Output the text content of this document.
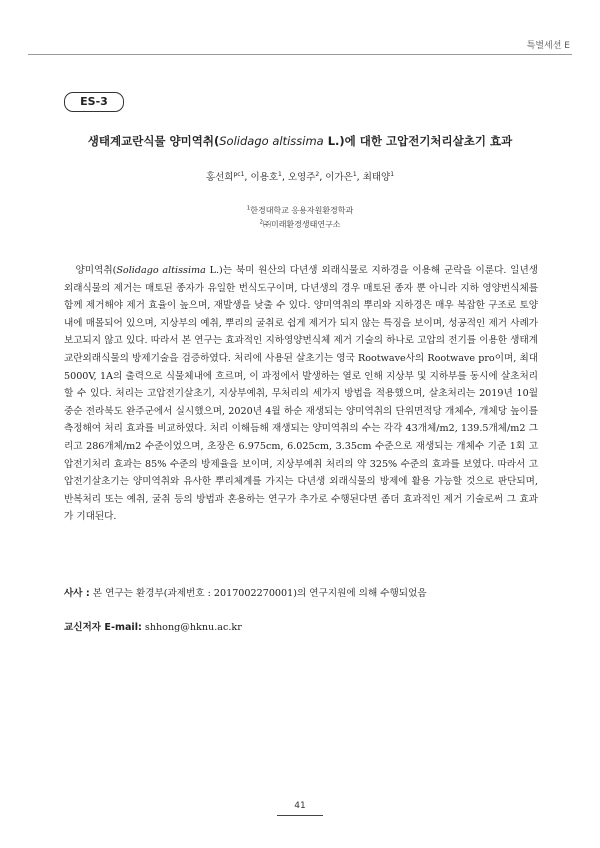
특별세션 E
ES-3
생태계교란식물 양미역취(Solidago altissima L.)에 대한 고압전기처리살초기 효과
홍선희$^{pc1}$, 이용호$^1$, 오영주$^2$, 이가은$^1$, 최태양$^1$
$^1$한경대학교 응용자원환경학과
$^2$㈜미래환경생태연구소

양미역취(Solidago altissima L.)는 북미 원산의 다년생 외래식물로 지하경을 이용해 군락을 이룬다. 일년생 외래식물의 제거는 매토된 종자가 유일한 번식도구이며, 다년생의 경우 매토된 종자 뿐 아니라 지하 영양번식체를 함께 제거해야 제거 효율이 높으며, 재발생을 낮출 수 있다. 양미역취의 뿌리와 지하경은 매우 복잡한 구조로 토양내에 매몰되어 있으며, 지상부의 예취, 뿌리의 굴취로 쉽게 제거가 되지 않는 특징을 보이며, 성공적인 제거 사례가 보고되지 않고 있다. 따라서 본 연구는 효과적인 지하영양번식체 제거 기술의 하나로 고압의 전기를 이용한 생태계교란외래식물의 방제기술을 검증하였다. 처리에 사용된 살초기는 영국 Rootwave사의 Rootwave pro이며, 최대 5000V, 1A의 출력으로 식물체내에 흐르며, 이 과정에서 발생하는 열로 인해 지상부 및 지하부를 동시에 살초처리 할 수 있다. 처리는 고압전기살초기, 지상부예취, 무처리의 세가지 방법을 적용했으며, 살초처리는 2019년 10월 중순 전라북도 완주군에서 실시했으며, 2020년 4월 하순 재생되는 양미역취의 단위면적당 개체수, 개체당 높이를 측정해여 처리 효과를 비교하였다. 처리 이해듬해 재생되는 양미역취의 수는 각각 43개체/m2, 139.5개체/m2 그리고 286개체/m2 수준이었으며, 초장은 6.975cm, 6.025cm, 3.35cm 수준으로 재생되는 개체수 기준 1회 고압전기처리 효과는 85% 수준의 방제율을 보이며, 지상부예취 처리의 약 325% 수준의 효과를 보였다. 따라서 고압전기살초기는 양미역취와 유사한 뿌리체계를 가지는 다년생 외래식물의 방제에 활용 가능할 것으로 판단되며, 반복처리 또는 예취, 굴취 등의 방법과 혼용하는 연구가 추가로 수행된다면 좀더 효과적인 제거 기술로써 그 효과가 기대된다.

사사 : 본 연구는 환경부(과제번호 : 2017002270001)의 연구지원에 의해 수행되었음
교신저자 E-mail: shhong@hknu.ac.kr
41
